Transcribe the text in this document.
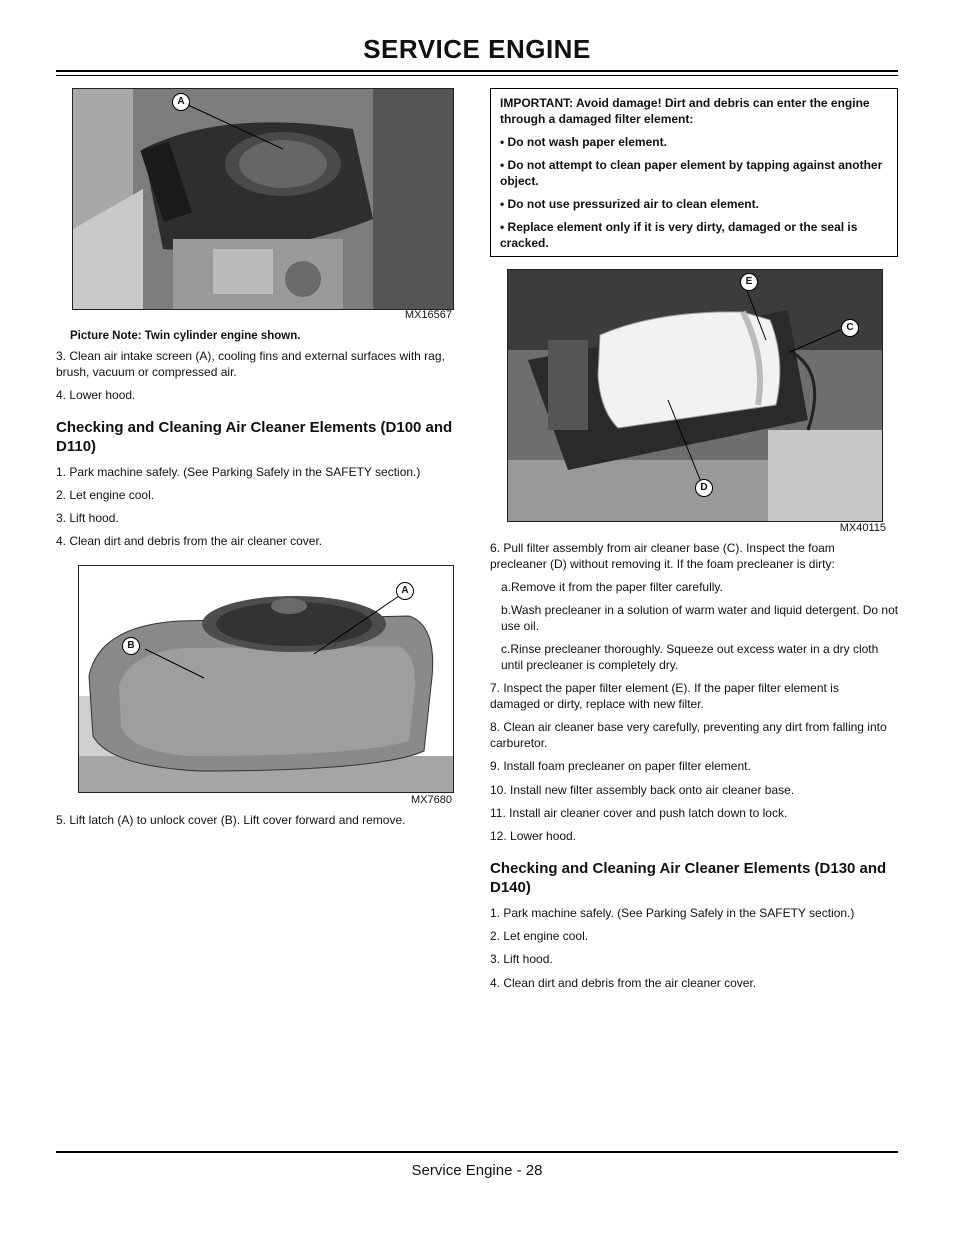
SERVICE ENGINE
A
MX16567
Picture Note: Twin cylinder engine shown.
3. Clean air intake screen (A), cooling fins and external surfaces with rag, brush, vacuum or compressed air.
4. Lower hood.
Checking and Cleaning Air Cleaner Elements (D100 and D110)
1. Park machine safely. (See Parking Safely in the SAFETY section.)
2. Let engine cool.
3. Lift hood.
4. Clean dirt and debris from the air cleaner cover.
A
B
MX7680
5. Lift latch (A) to unlock cover (B). Lift cover forward and remove.

IMPORTANT: Avoid damage! Dirt and debris can enter the engine through a damaged filter element:

• Do not wash paper element.

• Do not attempt to clean paper element by tapping against another object.

• Do not use pressurized air to clean element.

• Replace element only if it is very dirty, damaged or the seal is cracked.

E
C
D
MX40115
6. Pull filter assembly from air cleaner base (C). Inspect the foam precleaner (D) without removing it. If the foam precleaner is dirty:
a.Remove it from the paper filter carefully.
b.Wash precleaner in a solution of warm water and liquid detergent. Do not use oil.
c.Rinse precleaner thoroughly. Squeeze out excess water in a dry cloth until precleaner is completely dry.
7. Inspect the paper filter element (E). If the paper filter element is damaged or dirty, replace with new filter.
8. Clean air cleaner base very carefully, preventing any dirt from falling into carburetor.
9. Install foam precleaner on paper filter element.
10. Install new filter assembly back onto air cleaner base.
11. Install air cleaner cover and push latch down to lock.
12. Lower hood.
Checking and Cleaning Air Cleaner Elements (D130 and D140)
1. Park machine safely. (See Parking Safely in the SAFETY section.)
2. Let engine cool.
3. Lift hood.
4. Clean dirt and debris from the air cleaner cover.
Service Engine - 28
